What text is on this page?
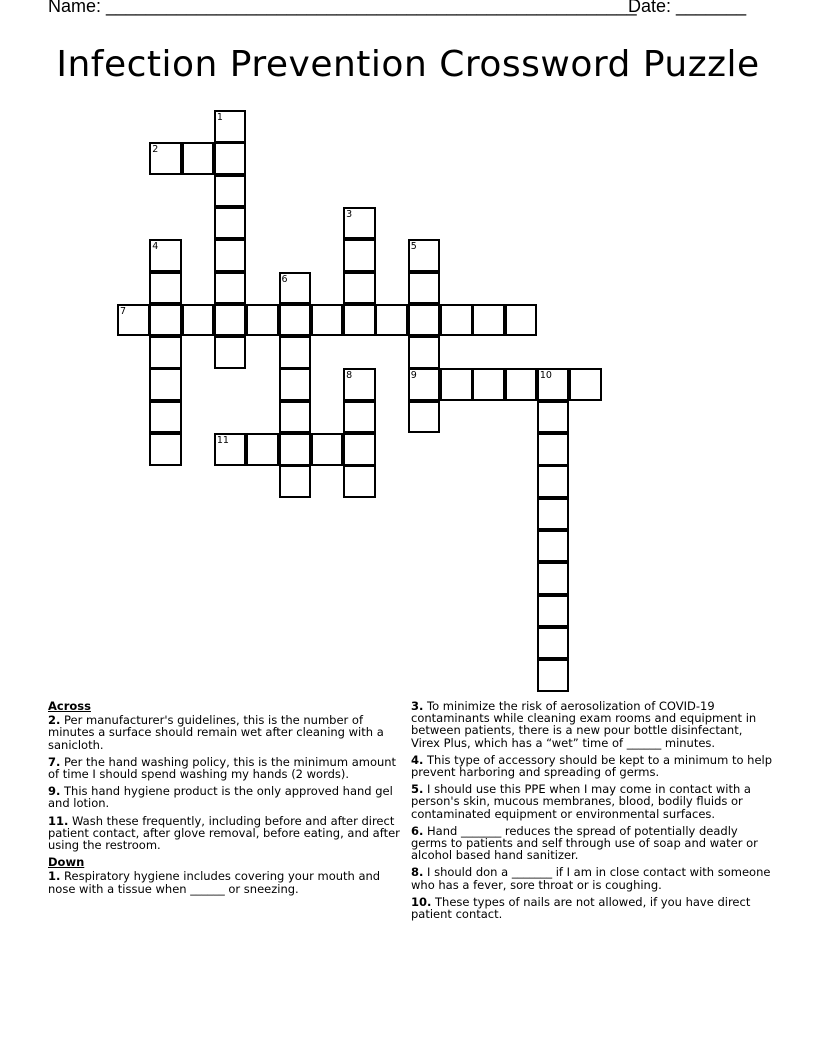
Name: _____________________________________________________

Date: _______

Infection Prevention Crossword Puzzle
1
2
3
4	5
6
7
8	9	10
11
Across
2. Per manufacturer's guidelines, this is the number of minutes a surface should remain wet after cleaning with a sanicloth.
7. Per the hand washing policy, this is the minimum amount of time I should spend washing my hands (2 words).
9. This hand hygiene product is the only approved hand gel and lotion.
11. Wash these frequently, including before and after direct patient contact, after glove removal, before eating, and after using the restroom.
Down
1. Respiratory hygiene includes covering your mouth and nose with a tissue when ______ or sneezing.
3. To minimize the risk of aerosolization of COVID-19 contaminants while cleaning exam rooms and equipment in between patients, there is a new pour bottle disinfectant, Virex Plus, which has a “wet” time of ______ minutes.
4. This type of accessory should be kept to a minimum to help prevent harboring and spreading of germs.
5. I should use this PPE when I may come in contact with a person's skin, mucous membranes, blood, bodily fluids or contaminated equipment or environmental surfaces.
6. Hand _______ reduces the spread of potentially deadly germs to patients and self through use of soap and water or alcohol based hand sanitizer.
8. I should don a _______ if I am in close contact with someone who has a fever, sore throat or is coughing.
10. These types of nails are not allowed, if you have direct patient contact.
